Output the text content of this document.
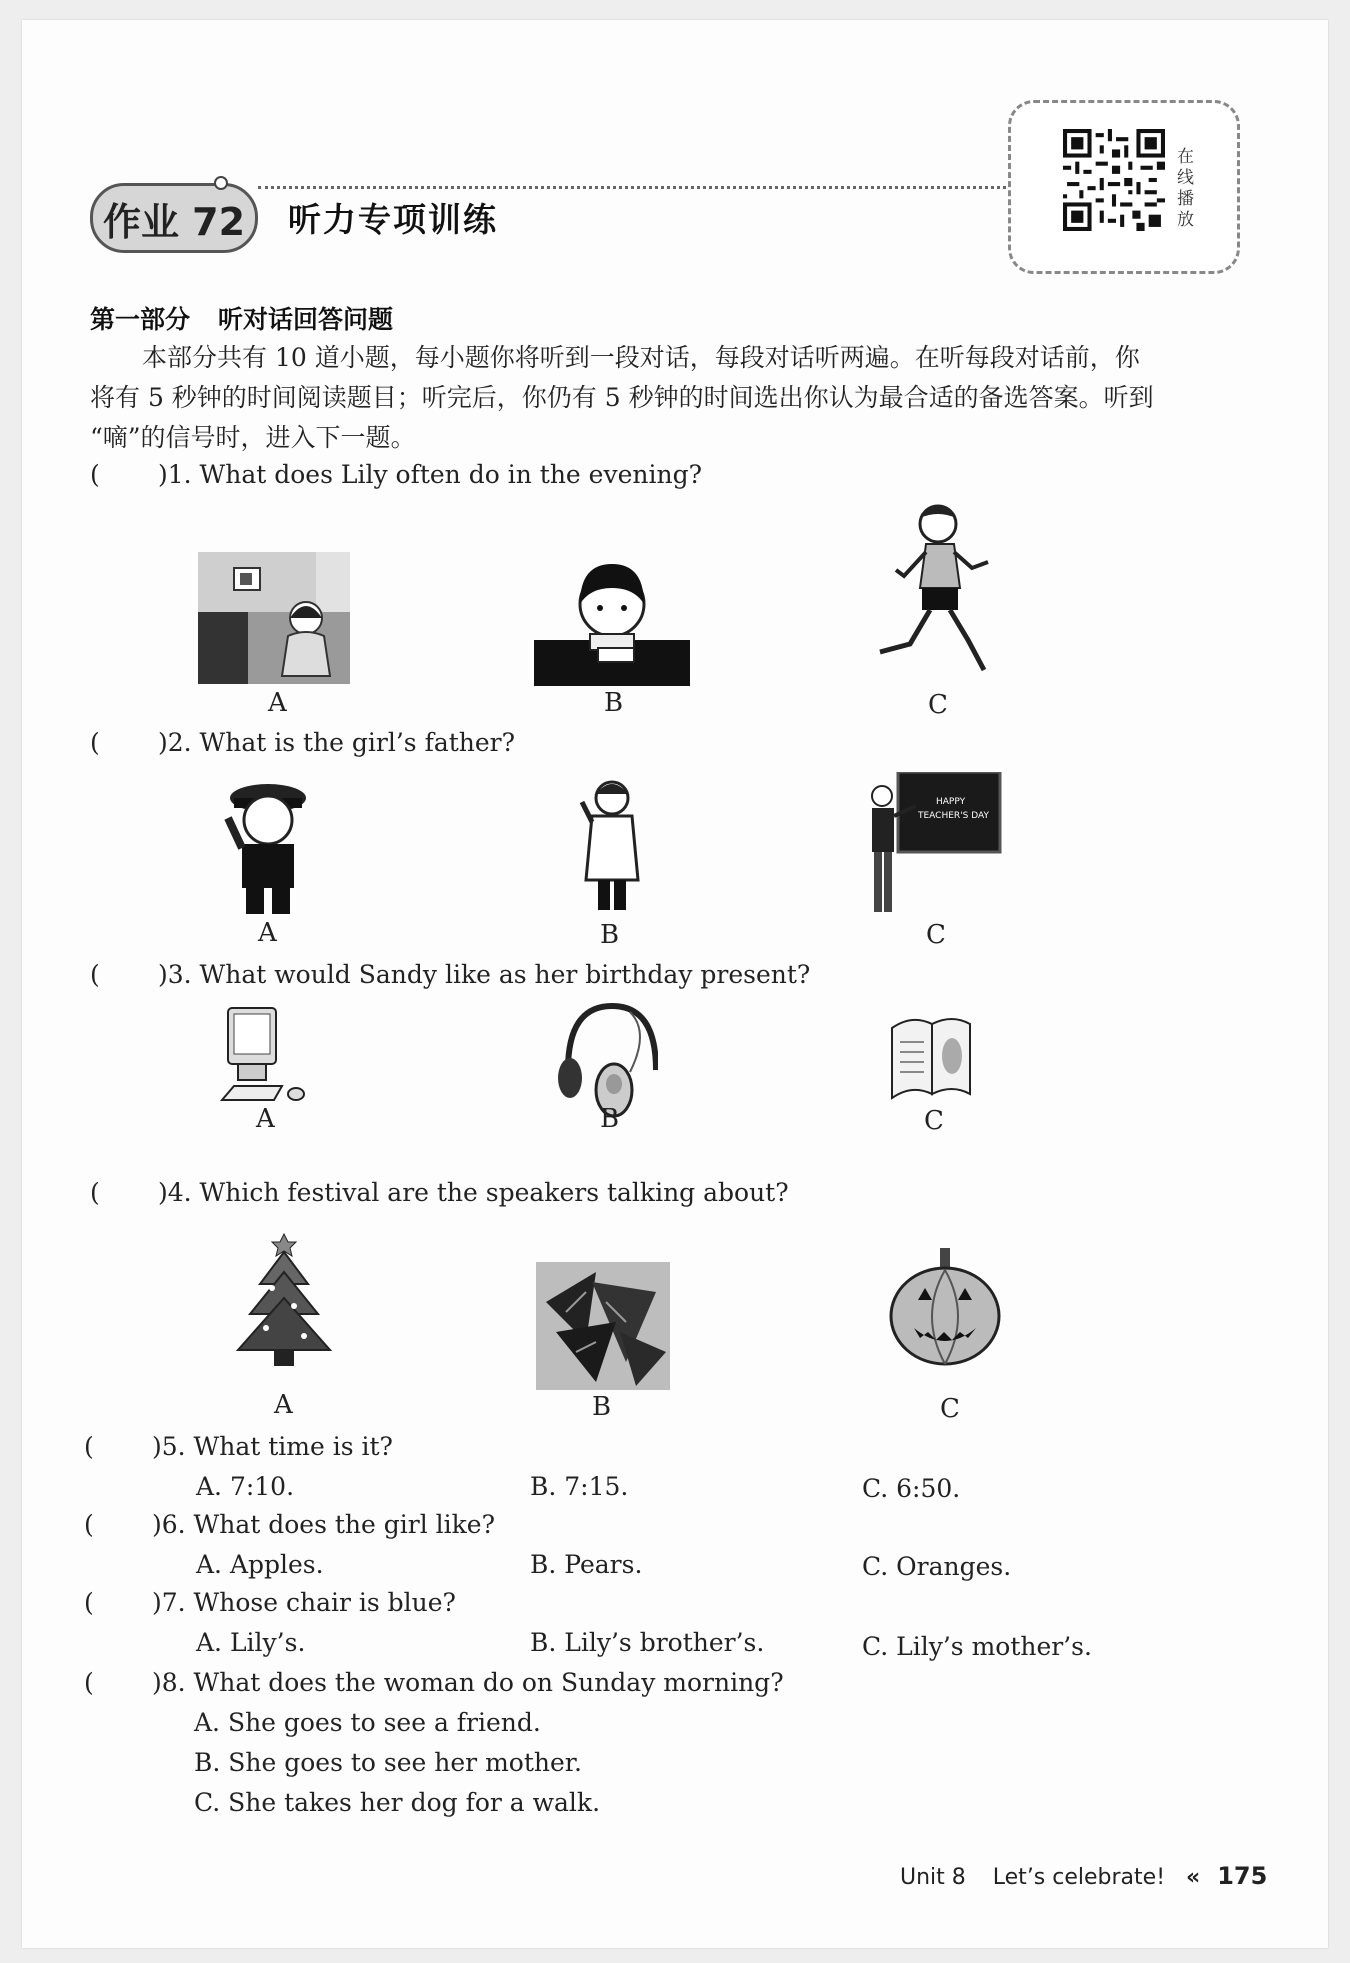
作业 72	听力专项训练
在线播放
第一部分 听对话回答问题

本部分共有 10 道小题，每小题你将听到一段对话，每段对话听两遍。在听每段对话前，你

将有 5 秒钟的时间阅读题目；听完后，你仍有 5 秒钟的时间选出你认为最合适的备选答案。听到

“嘀”的信号时，进入下一题。

( )1. What does Lily often do in the evening?
A	B	C
( )2. What is the girl’s father?
A	B
HAPPY
TEACHER'S DAY
C
( )3. What would Sandy like as her birthday present?
A	B	C
( )4. Which festival are the speakers talking about?
A	B	C
( )5. What time is it?
A. 7:10.	B. 7:15.	C. 6:50.
( )6. What does the girl like?
A. Apples.	B. Pears.	C. Oranges.
( )7. Whose chair is blue?
A. Lily’s.	B. Lily’s brother’s.	C. Lily’s mother’s.
( )8. What does the woman do on Sunday morning?
A. She goes to see a friend.
B. She goes to see her mother.
C. She takes her dog for a walk.
Unit 8 Let’s celebrate! « 175
